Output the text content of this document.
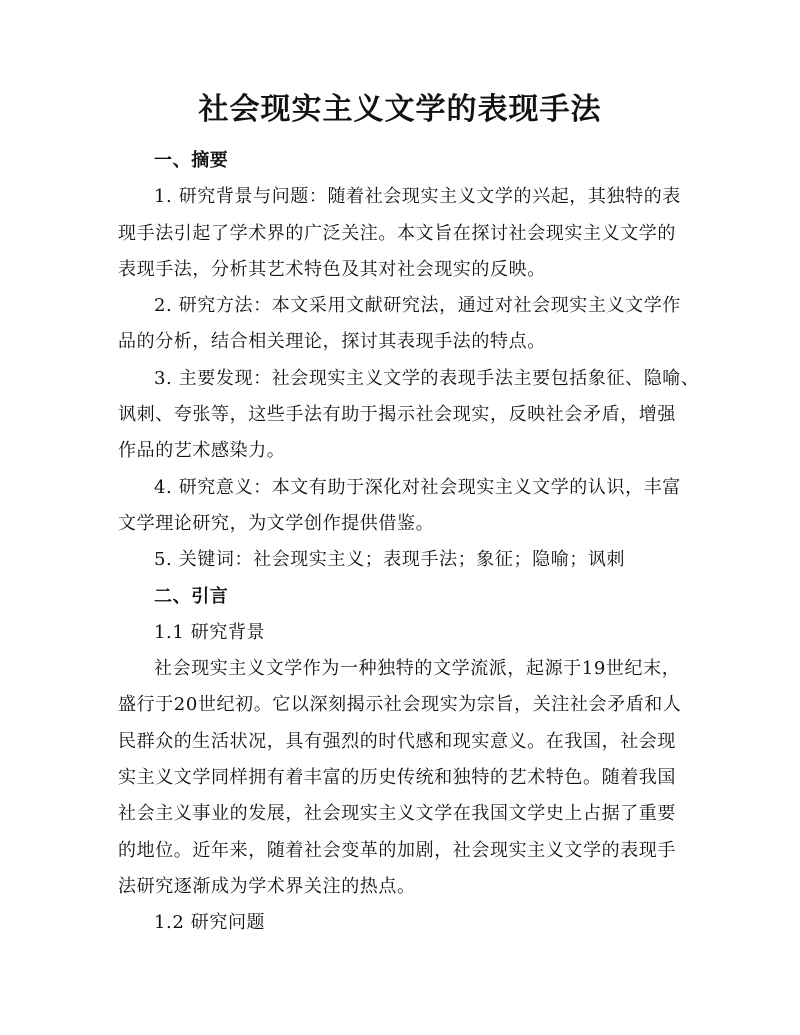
社会现实主义文学的表现手法
一、摘要
1. 研究背景与问题：随着社会现实主义文学的兴起，其独特的表
现手法引起了学术界的广泛关注。本文旨在探讨社会现实主义文学的
表现手法，分析其艺术特色及其对社会现实的反映。
2. 研究方法：本文采用文献研究法，通过对社会现实主义文学作
品的分析，结合相关理论，探讨其表现手法的特点。
3. 主要发现：社会现实主义文学的表现手法主要包括象征、隐喻、
讽刺、夸张等，这些手法有助于揭示社会现实，反映社会矛盾，增强
作品的艺术感染力。
4. 研究意义：本文有助于深化对社会现实主义文学的认识，丰富
文学理论研究，为文学创作提供借鉴。
5. 关键词：社会现实主义；表现手法；象征；隐喻；讽刺
二、引言
1.1 研究背景
社会现实主义文学作为一种独特的文学流派，起源于19世纪末，
盛行于20世纪初。它以深刻揭示社会现实为宗旨，关注社会矛盾和人
民群众的生活状况，具有强烈的时代感和现实意义。在我国，社会现
实主义文学同样拥有着丰富的历史传统和独特的艺术特色。随着我国
社会主义事业的发展，社会现实主义文学在我国文学史上占据了重要
的地位。近年来，随着社会变革的加剧，社会现实主义文学的表现手
法研究逐渐成为学术界关注的热点。
1.2 研究问题
